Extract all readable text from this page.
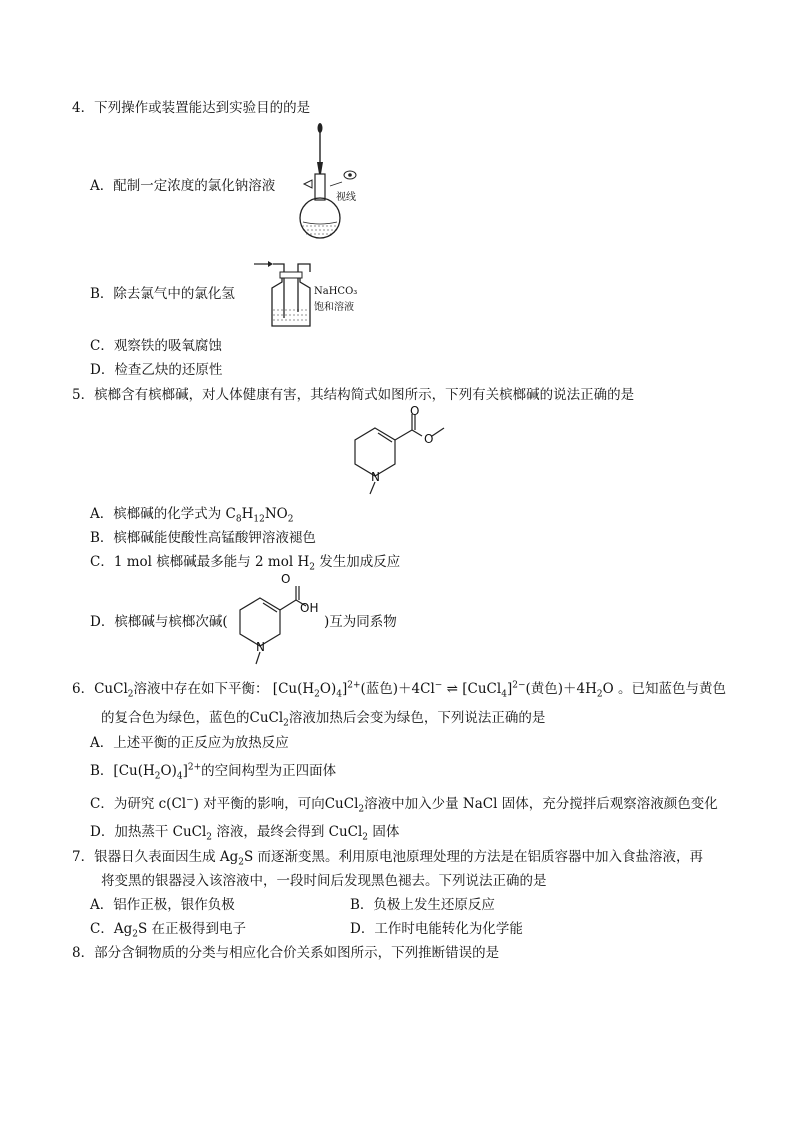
4．下列操作或装置能达到实验目的的是
A．配制一定浓度的氯化钠溶液
视线
B．除去氯气中的氯化氢	NaHCO₃
饱和溶液
C．观察铁的吸氧腐蚀
D．检查乙炔的还原性
5．槟榔含有槟榔碱，对人体健康有害，其结构简式如图所示，下列有关槟榔碱的说法正确的是
O
O
N
A．槟榔碱的化学式为 $C_8H_{12}NO_2$
B．槟榔碱能使酸性高锰酸钾溶液褪色
C．1 mol 槟榔碱最多能与 2 mol $H_2$ 发生加成反应
D．槟榔碱与槟榔次碱(
O
OH
N
)互为同系物
6．CuCl$_2$溶液中存在如下平衡： $[Cu(H_2O)_4]^{2+}$(蓝色)＋4Cl− ⇌ [CuCl$_4$]$^{2-}$(黄色)$+4H_2O$ 。已知蓝色与黄色
的复合色为绿色，蓝色的CuCl$_2$溶液加热后会变为绿色，下列说法正确的是
A．上述平衡的正反应为放热反应
B．$[Cu(H_2O)_4]^{2+}$的空间构型为正四面体
C．为研究 c(Cl−) 对平衡的影响，可向CuCl$_2$溶液中加入少量 NaCl 固体，充分搅拌后观察溶液颜色变化
D．加热蒸干 CuCl$_2$ 溶液，最终会得到 CuCl$_2$ 固体
7．银器日久表面因生成 $Ag_2S$ 而逐渐变黑。利用原电池原理处理的方法是在铝质容器中加入食盐溶液，再
将变黑的银器浸入该溶液中，一段时间后发现黑色褪去。下列说法正确的是
A．铝作正极，银作负极	B．负极上发生还原反应
C．$Ag_2S$ 在正极得到电子	D．工作时电能转化为化学能
8．部分含铜物质的分类与相应化合价关系如图所示，下列推断错误的是
